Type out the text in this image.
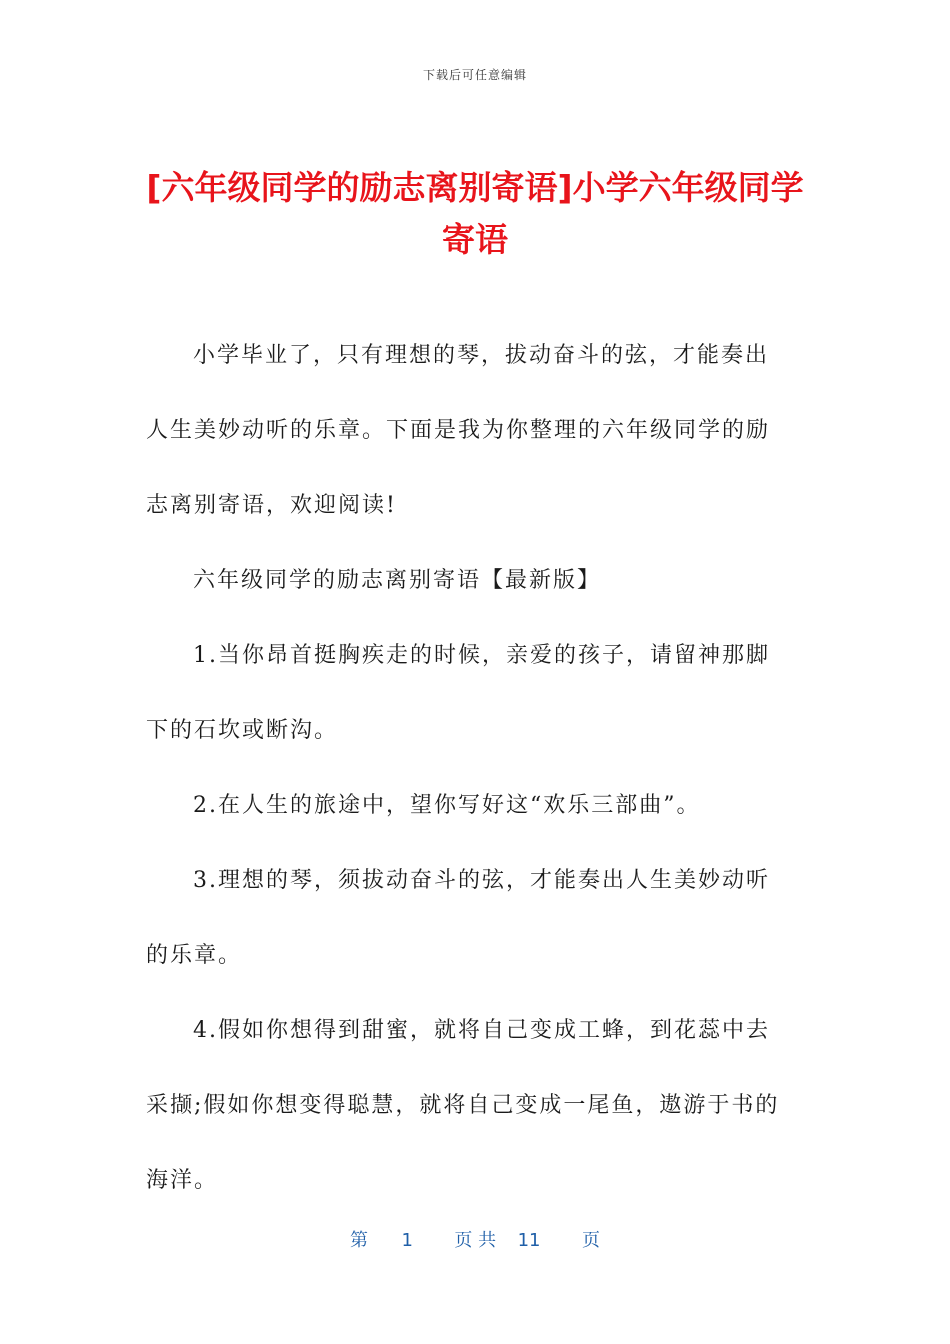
下载后可任意编辑
[六年级同学的励志离别寄语]小学六年级同学寄语

小学毕业了，只有理想的琴，拔动奋斗的弦，才能奏出人生美妙动听的乐章。下面是我为你整理的六年级同学的励志离别寄语，欢迎阅读!

六年级同学的励志离别寄语【最新版】

1.当你昂首挺胸疾走的时候，亲爱的孩子，请留神那脚下的石坎或断沟。

2.在人生的旅途中，望你写好这“欢乐三部曲”。

3.理想的琴，须拔动奋斗的弦，才能奏出人生美妙动听的乐章。

4.假如你想得到甜蜜，就将自己变成工蜂，到花蕊中去采撷;假如你想变得聪慧，就将自己变成一尾鱼，遨游于书的海洋。

第 1 页 共 11 页
